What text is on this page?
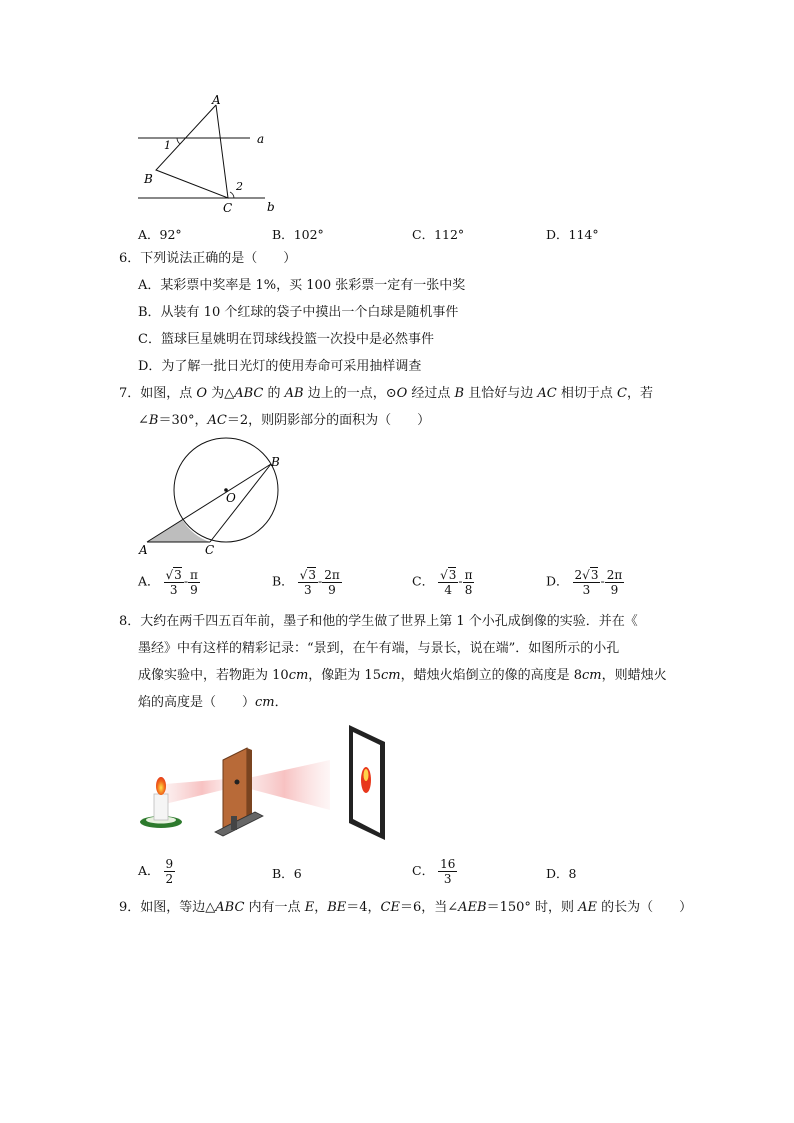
A
B
C
a
b
1
2
A．92°	B．102°	C．112°	D．114°
6．下列说法正确的是（　　）
A．某彩票中奖率是 1%，买 100 张彩票一定有一张中奖
B．从装有 10 个红球的袋子中摸出一个白球是随机事件
C．篮球巨星姚明在罚球线投篮一次投中是必然事件
D．为了解一批日光灯的使用寿命可采用抽样调查
7．如图，点 O 为△ABC 的 AB 边上的一点，⊙O 经过点 B 且恰好与边 AC 相切于点 C，若
∠B＝30°，AC＝2，则阴影部分的面积为（　　）
A
B
C
O
A． $\frac{√3}{3} - \frac{\pi}{9}$	B． $\frac{√3}{3} - \frac{2\pi}{9}$	C． $\frac{√3}{4} - \frac{\pi}{8}$	D． $\frac{2√3}{3} - \frac{2\pi}{9}$
8．大约在两千四五百年前，墨子和他的学生做了世界上第 1 个小孔成倒像的实验．并在《
墨经》中有这样的精彩记录：“景到，在午有端，与景长，说在端”．如图所示的小孔
成像实验中，若物距为 10cm，像距为 15cm，蜡烛火焰倒立的像的高度是 8cm，则蜡烛火
焰的高度是（　　）cm．
A． $\frac{9}{2}$	B．6	C． $\frac{16}{3}$	D．8
9．如图，等边△ABC 内有一点 E，BE＝4，CE＝6，当∠AEB＝150° 时，则 AE 的长为（　　）
